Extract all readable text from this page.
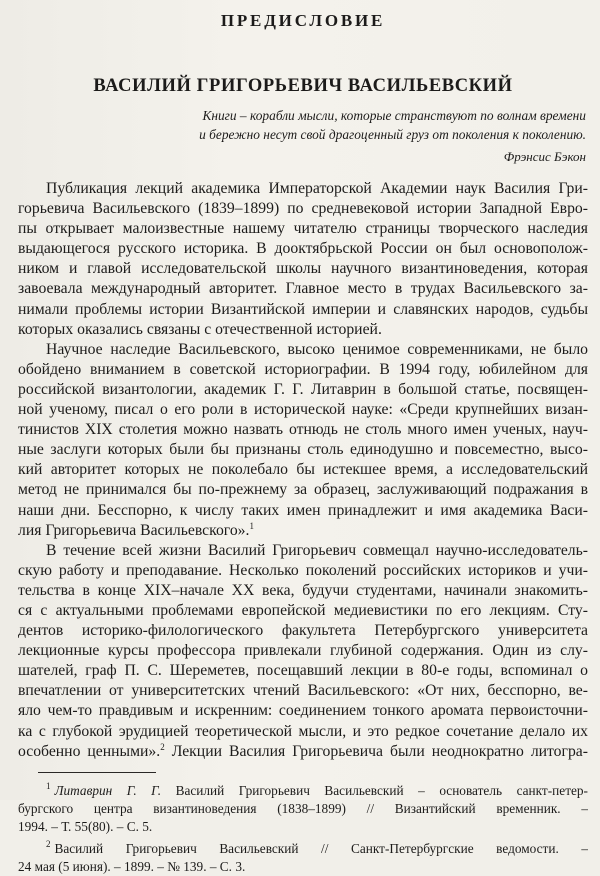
ПРЕДИСЛОВИЕ
ВАСИЛИЙ ГРИГОРЬЕВИЧ ВАСИЛЬЕВСКИЙ
Книги – корабли мысли, которые странствуют по волнам времени
и бережно несут свой драгоценный груз от поколения к поколению.
Фрэнсис Бэкон
Публикация лекций академика Императорской Академии наук Василия Гри-
горьевича Васильевского (1839–1899) по средневековой истории Западной Евро-
пы открывает малоизвестные нашему читателю страницы творческого наследия
выдающегося русского историка. В дооктябрьской России он был основополож-
ником и главой исследовательской школы научного византиноведения, которая
завоевала международный авторитет. Главное место в трудах Васильевского за-
нимали проблемы истории Византийской империи и славянских народов, судьбы
которых оказались связаны с отечественной историей.
Научное наследие Васильевского, высоко ценимое современниками, не было
обойдено вниманием в советской историографии. В 1994 году, юбилейном для
российской византологии, академик Г. Г. Литаврин в большой статье, посвящен-
ной ученому, писал о его роли в исторической науке: «Среди крупнейших визан-
тинистов XIX столетия можно назвать отнюдь не столь много имен ученых, науч-
ные заслуги которых были бы признаны столь единодушно и повсеместно, высо-
кий авторитет которых не поколебало бы истекшее время, а исследовательский
метод не принимался бы по-прежнему за образец, заслуживающий подражания в
наши дни. Бесспорно, к числу таких имен принадлежит и имя академика Васи-
лия Григорьевича Васильевского».$^1$
В течение всей жизни Василий Григорьевич совмещал научно-исследователь-
скую работу и преподавание. Несколько поколений российских историков и учи-
тельства в конце XIX–начале XX века, будучи студентами, начинали знакомить-
ся с актуальными проблемами европейской медиевистики по его лекциям. Сту-
дентов историко-филологического факультета Петербургского университета
лекционные курсы профессора привлекали глубиной содержания. Один из слу-
шателей, граф П. С. Шереметев, посещавший лекции в 80-е годы, вспоминал о
впечатлении от университетских чтений Васильевского: «От них, бесспорно, ве-
яло чем-то правдивым и искренним: соединением тонкого аромата первоисточни-
ка с глубокой эрудицией теоретической мысли, и это редкое сочетание делало их
особенно ценными».$^2$ Лекции Василия Григорьевича были неоднократно литогра-
$^1$ Литаврин Г. Г. Василий Григорьевич Васильевский – основатель санкт-петер-
бургского центра византиноведения (1838–1899) // Византийский временник. –
1994. – Т. 55(80). – С. 5.
$^2$ Василий Григорьевич Васильевский // Санкт-Петербургские ведомости. –
24 мая (5 июня). – 1899. – № 139. – С. 3.
